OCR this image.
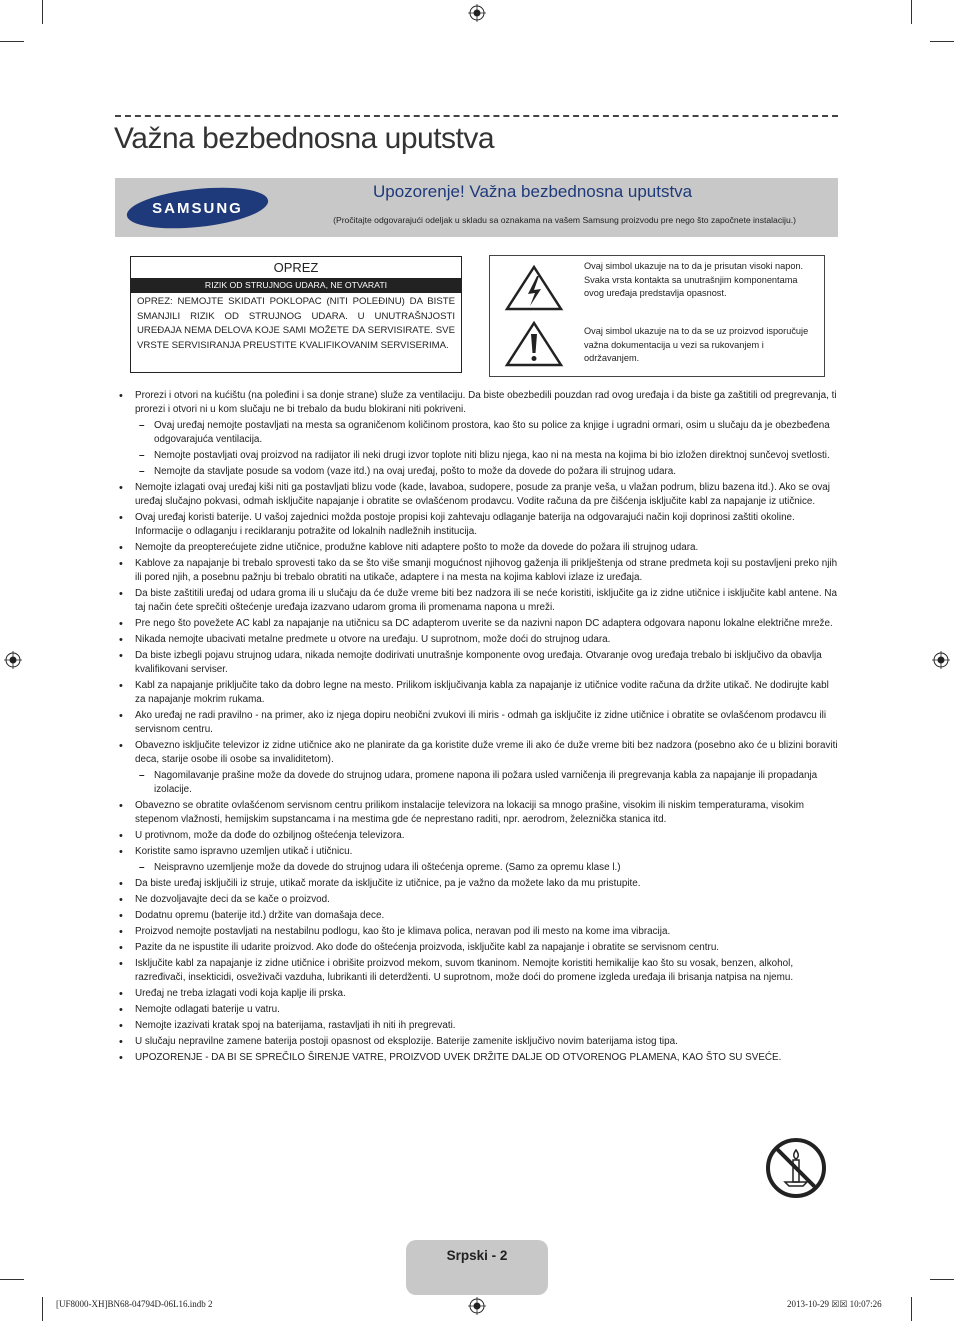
Važna bezbednosna uputstva
SAMSUNG
Upozorenje! Važna bezbednosna uputstva
(Pročitajte odgovarajući odeljak u skladu sa oznakama na vašem Samsung proizvodu pre nego što započnete instalaciju.)
OPREZ
RIZIK OD STRUJNOG UDARA, NE OTVARATI
OPREZ: NEMOJTE SKIDATI POKLOPAC (NITI POLEĐINU) DA BISTE SMANJILI RIZIK OD STRUJNOG UDARA. U UNUTRAŠNJOSTI UREĐAJA NEMA DELOVA KOJE SAMI MOŽETE DA SERVISIRATE. SVE VRSTE SERVISIRANJA PREUSTITE KVALIFIKOVANIM SERVISERIMA.
Ovaj simbol ukazuje na to da je prisutan visoki napon. Svaka vrsta kontakta sa unutrašnjim komponentama ovog uređaja predstavlja opasnost.
Ovaj simbol ukazuje na to da se uz proizvod isporučuje važna dokumentacija u vezi sa rukovanjem i održavanjem.
• Prorezi i otvori na kućištu (na poleđini i sa donje strane) služe za ventilaciju. Da biste obezbedili pouzdan rad ovog uređaja i da biste ga zaštitili od pregrevanja, ti prorezi i otvori ni u kom slučaju ne bi trebalo da budu blokirani niti pokriveni.
– Ovaj uređaj nemojte postavljati na mesta sa ograničenom količinom prostora, kao što su police za knjige i ugradni ormari, osim u slučaju da je obezbeđena odgovarajuća ventilacija.
– Nemojte postavljati ovaj proizvod na radijator ili neki drugi izvor toplote niti blizu njega, kao ni na mesta na kojima bi bio izložen direktnoj sunčevoj svetlosti.
– Nemojte da stavljate posude sa vodom (vaze itd.) na ovaj uređaj, pošto to može da dovede do požara ili strujnog udara.
• Nemojte izlagati ovaj uređaj kiši niti ga postavljati blizu vode (kade, lavaboa, sudopere, posude za pranje veša, u vlažan podrum, blizu bazena itd.). Ako se ovaj uređaj slučajno pokvasi, odmah isključite napajanje i obratite se ovlašćenom prodavcu. Vodite računa da pre čišćenja isključite kabl za napajanje iz utičnice.
• Ovaj uređaj koristi baterije. U vašoj zajednici možda postoje propisi koji zahtevaju odlaganje baterija na odgovarajući način koji doprinosi zaštiti okoline. Informacije o odlaganju i reciklaranju potražite od lokalnih nadležnih institucija.
• Nemojte da preopterećujete zidne utičnice, produžne kablove niti adaptere pošto to može da dovede do požara ili strujnog udara.
• Kablove za napajanje bi trebalo sprovesti tako da se što više smanji mogućnost njihovog gaženja ili priklještenja od strane predmeta koji su postavljeni preko njih ili pored njih, a posebnu pažnju bi trebalo obratiti na utikače, adaptere i na mesta na kojima kablovi izlaze iz uređaja.
• Da biste zaštitili uređaj od udara groma ili u slučaju da će duže vreme biti bez nadzora ili se neće koristiti, isključite ga iz zidne utičnice i isključite kabl antene. Na taj način ćete sprečiti oštećenje uređaja izazvano udarom groma ili promenama napona u mreži.
• Pre nego što povežete AC kabl za napajanje na utičnicu sa DC adapterom uverite se da nazivni napon DC adaptera odgovara naponu lokalne električne mreže.
• Nikada nemojte ubacivati metalne predmete u otvore na uređaju. U suprotnom, može doći do strujnog udara.
• Da biste izbegli pojavu strujnog udara, nikada nemojte dodirivati unutrašnje komponente ovog uređaja. Otvaranje ovog uređaja trebalo bi isključivo da obavlja kvalifikovani serviser.
• Kabl za napajanje priključite tako da dobro legne na mesto. Prilikom isključivanja kabla za napajanje iz utičnice vodite računa da držite utikač. Ne dodirujte kabl za napajanje mokrim rukama.
• Ako uređaj ne radi pravilno - na primer, ako iz njega dopiru neobični zvukovi ili miris - odmah ga isključite iz zidne utičnice i obratite se ovlašćenom prodavcu ili servisnom centru.
• Obavezno isključite televizor iz zidne utičnice ako ne planirate da ga koristite duže vreme ili ako će duže vreme biti bez nadzora (posebno ako će u blizini boraviti deca, starije osobe ili osobe sa invaliditetom).
– Nagomilavanje prašine može da dovede do strujnog udara, promene napona ili požara usled varničenja ili pregrevanja kabla za napajanje ili propadanja izolacije.
• Obavezno se obratite ovlašćenom servisnom centru prilikom instalacije televizora na lokaciji sa mnogo prašine, visokim ili niskim temperaturama, visokim stepenom vlažnosti, hemijskim supstancama i na mestima gde će neprestano raditi, npr. aerodrom, železnička stanica itd.
• U protivnom, može da dođe do ozbiljnog oštećenja televizora.
• Koristite samo ispravno uzemljen utikač i utičnicu.
– Neispravno uzemljenje može da dovede do strujnog udara ili oštećenja opreme. (Samo za opremu klase l.)
• Da biste uređaj isključili iz struje, utikač morate da isključite iz utičnice, pa je važno da možete lako da mu pristupite.
• Ne dozvoljavajte deci da se kače o proizvod.
• Dodatnu opremu (baterije itd.) držite van domašaja dece.
• Proizvod nemojte postavljati na nestabilnu podlogu, kao što je klimava polica, neravan pod ili mesto na kome ima vibracija.
• Pazite da ne ispustite ili udarite proizvod. Ako dođe do oštećenja proizvoda, isključite kabl za napajanje i obratite se servisnom centru.
• Isključite kabl za napajanje iz zidne utičnice i obrišite proizvod mekom, suvom tkaninom. Nemojte koristiti hemikalije kao što su vosak, benzen, alkohol, razređivači, insekticidi, osveživači vazduha, lubrikanti ili deterdženti. U suprotnom, može doći do promene izgleda uređaja ili brisanja natpisa na njemu.
• Uređaj ne treba izlagati vodi koja kaplje ili prska.
• Nemojte odlagati baterije u vatru.
• Nemojte izazivati kratak spoj na baterijama, rastavljati ih niti ih pregrevati.
• U slučaju nepravilne zamene baterija postoji opasnost od eksplozije. Baterije zamenite isključivo novim baterijama istog tipa.
• UPOZORENJE - DA BI SE SPREČILO ŠIRENJE VATRE, PROIZVOD UVEK DRŽITE DALJE OD OTVORENOG PLAMENA, KAO ŠTO SU SVEĆE.
Srpski - 2
[UF8000-XH]BN68-04794D-06L16.indb 2	2013-10-29 ☒☒ 10:07:26
